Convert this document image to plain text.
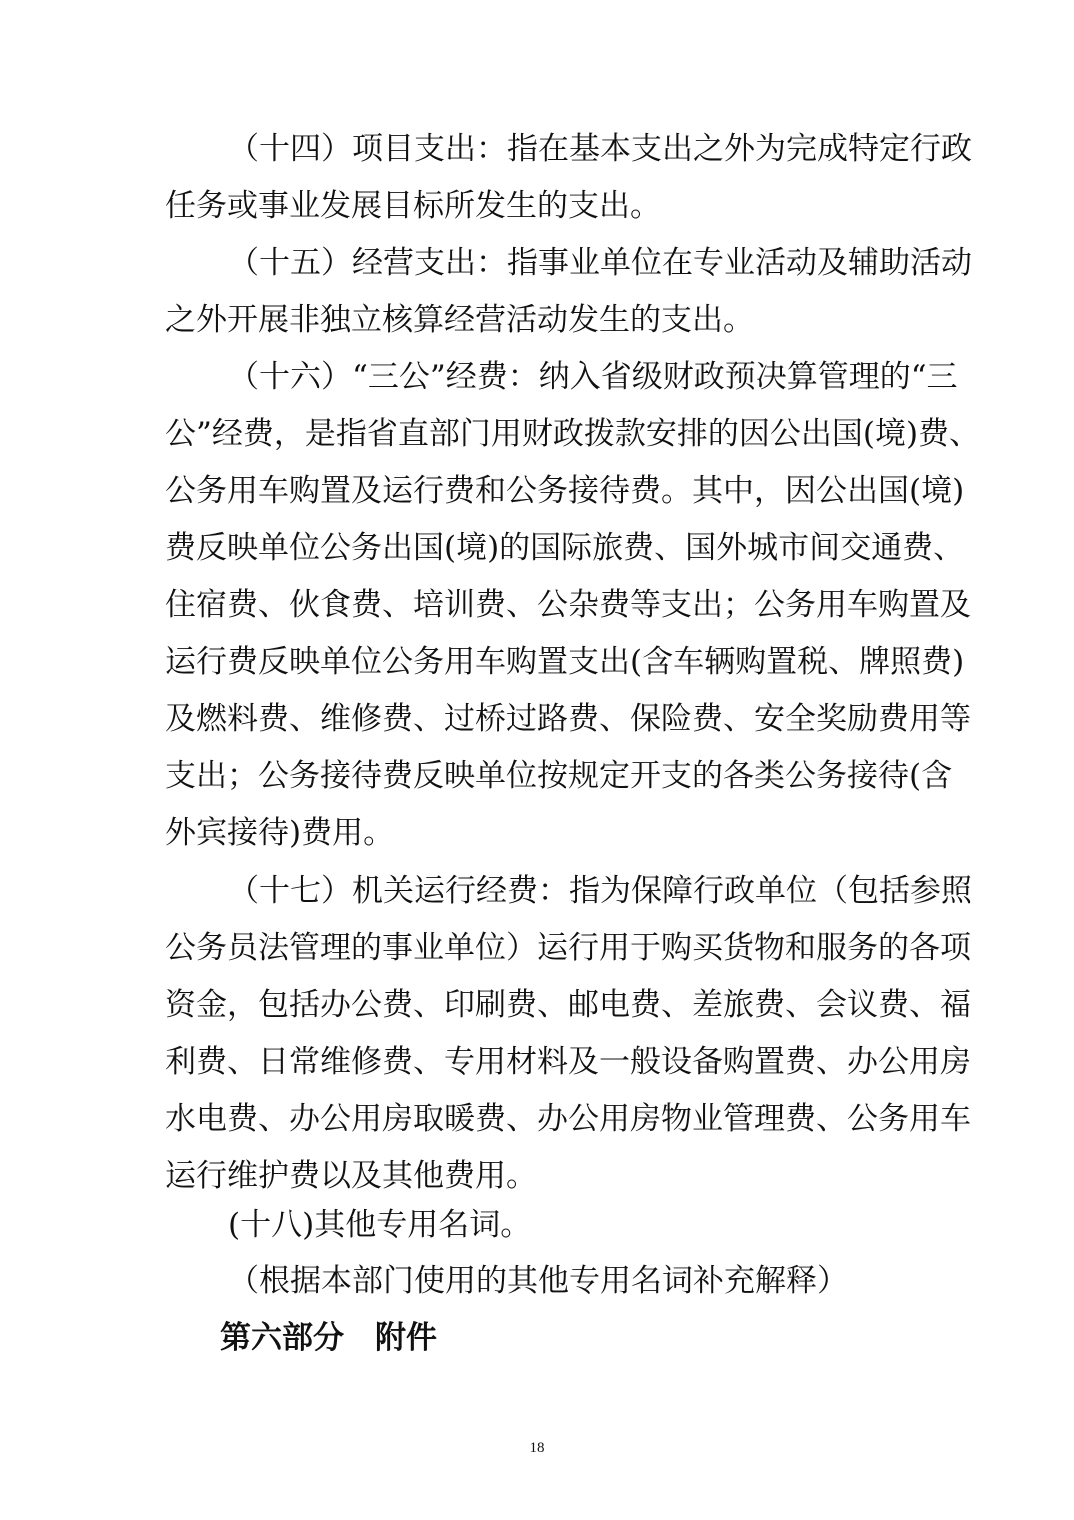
（十四）项目支出：指在基本支出之外为完成特定行政
任务或事业发展目标所发生的支出。
（十五）经营支出：指事业单位在专业活动及辅助活动
之外开展非独立核算经营活动发生的支出。
（十六）“三公”经费：纳入省级财政预决算管理的“三
公”经费，是指省直部门用财政拨款安排的因公出国(境)费、
公务用车购置及运行费和公务接待费。其中，因公出国(境)
费反映单位公务出国(境)的国际旅费、国外城市间交通费、
住宿费、伙食费、培训费、公杂费等支出；公务用车购置及
运行费反映单位公务用车购置支出(含车辆购置税、牌照费)
及燃料费、维修费、过桥过路费、保险费、安全奖励费用等
支出；公务接待费反映单位按规定开支的各类公务接待(含
外宾接待)费用。
（十七）机关运行经费：指为保障行政单位（包括参照
公务员法管理的事业单位）运行用于购买货物和服务的各项
资金，包括办公费、印刷费、邮电费、差旅费、会议费、福
利费、日常维修费、专用材料及一般设备购置费、办公用房
水电费、办公用房取暖费、办公用房物业管理费、公务用车
运行维护费以及其他费用。
(十八)其他专用名词。
（根据本部门使用的其他专用名词补充解释）
第六部分　附件
18
